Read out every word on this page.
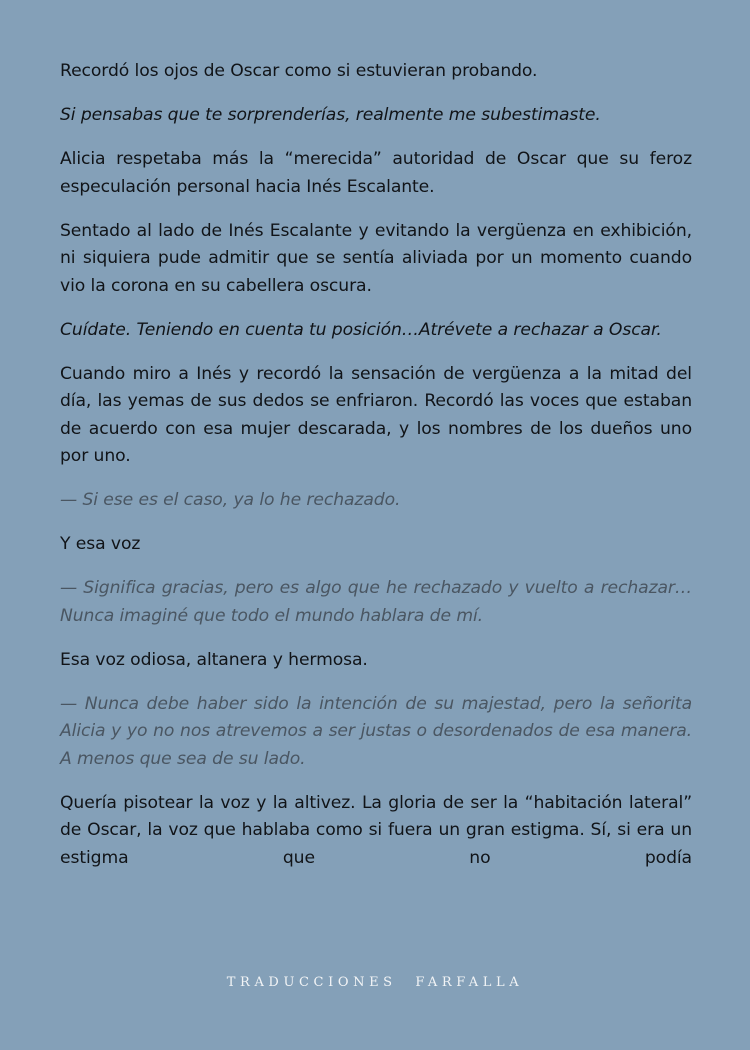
Recordó los ojos de Oscar como si estuvieran probando.

Si pensabas que te sorprenderías, realmente me subestimaste.

Alicia respetaba más la “merecida” autoridad de Oscar que su feroz especulación personal hacia Inés Escalante.

Sentado al lado de Inés Escalante y evitando la vergüenza en exhibición, ni siquiera pude admitir que se sentía aliviada por un momento cuando vio la corona en su cabellera oscura.

Cuídate. Teniendo en cuenta tu posición…Atrévete a rechazar a Oscar.

Cuando miro a Inés y recordó la sensación de vergüenza a la mitad del día, las yemas de sus dedos se enfriaron. Recordó las voces que estaban de acuerdo con esa mujer descarada, y los nombres de los dueños uno por uno.

— Si ese es el caso, ya lo he rechazado.

Y esa voz

— Significa gracias, pero es algo que he rechazado y vuelto a rechazar… Nunca imaginé que todo el mundo hablara de mí.

Esa voz odiosa, altanera y hermosa.

— Nunca debe haber sido la intención de su majestad, pero la señorita Alicia y yo no nos atrevemos a ser justas o desordenados de esa manera. A menos que sea de su lado.

Quería pisotear la voz y la altivez. La gloria de ser la “habitación lateral” de Oscar, la voz que hablaba como si fuera un gran estigma. Sí, si era un estigma que no podía

TRADUCCIONES FARFALLA
